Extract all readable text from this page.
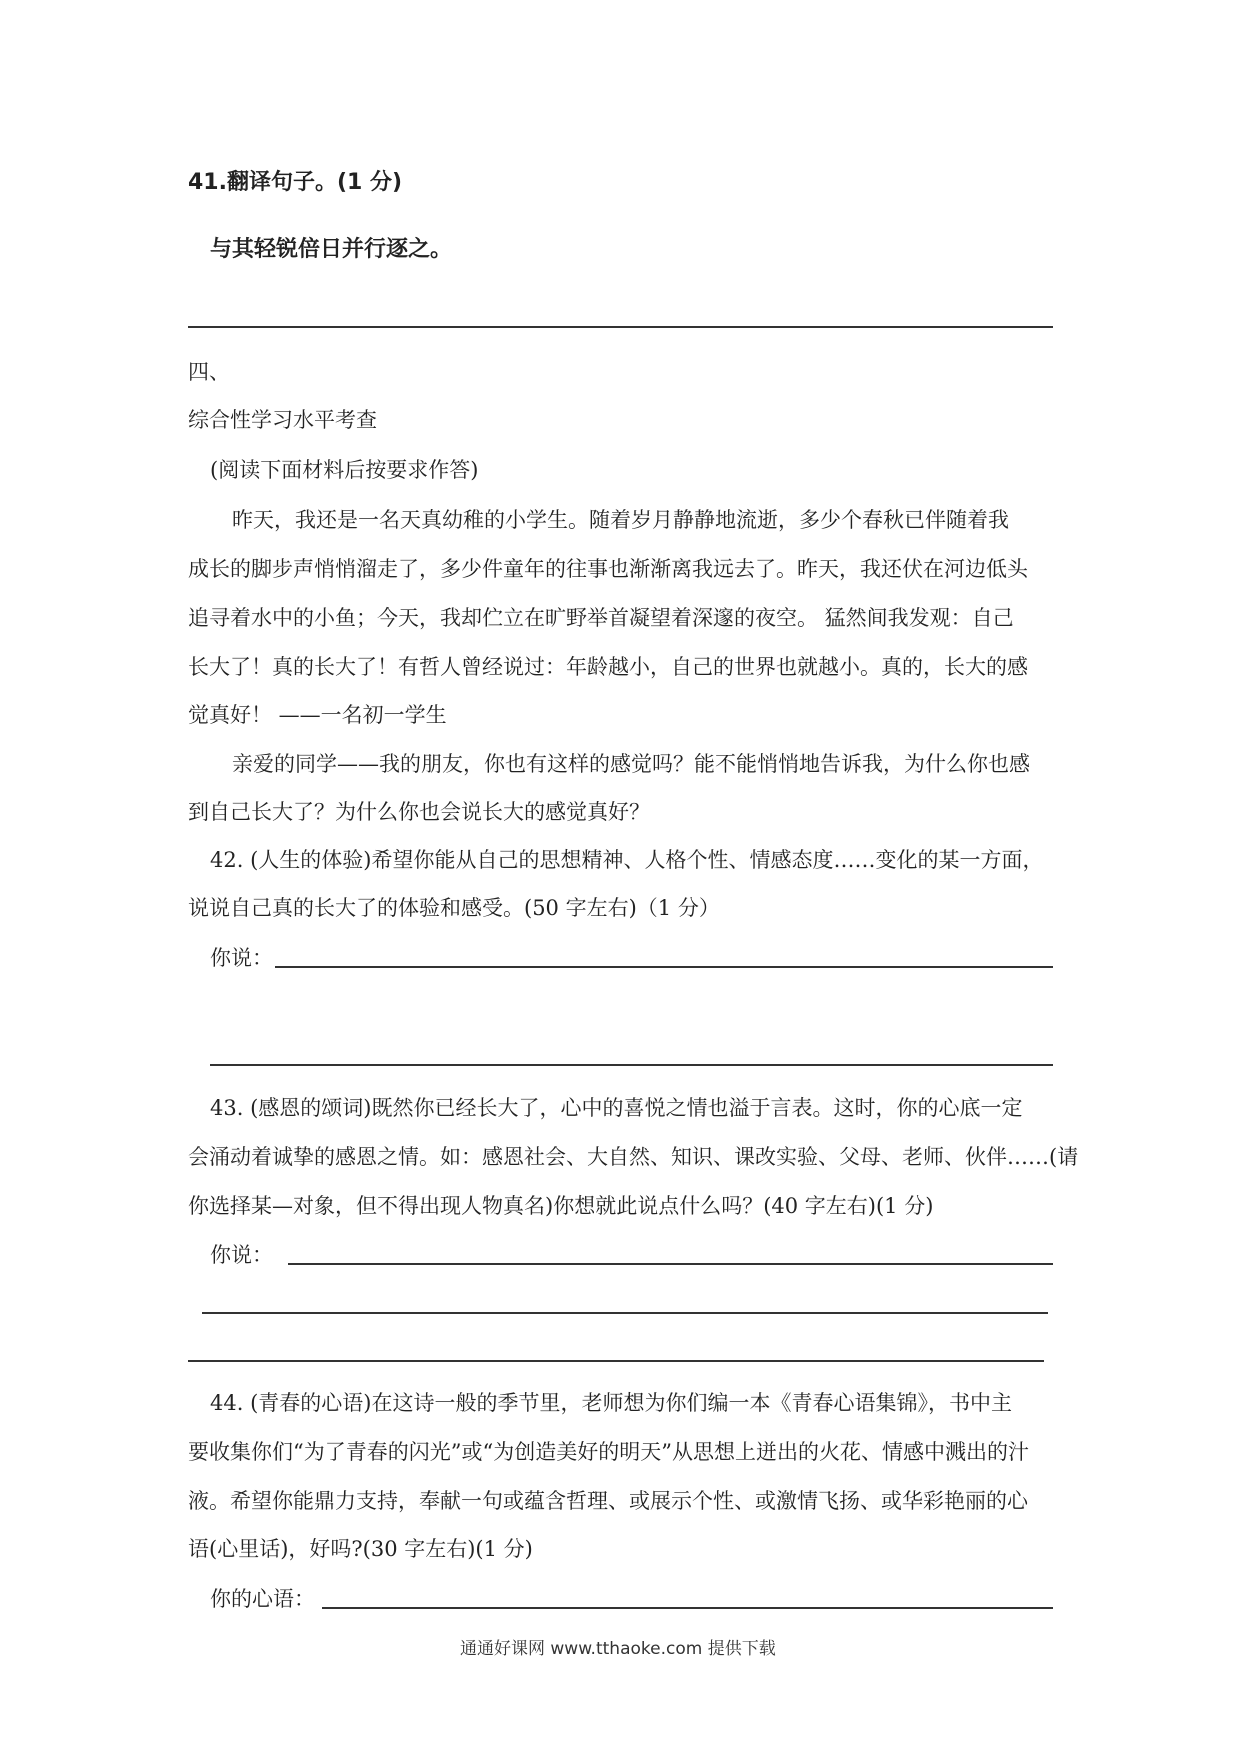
41.翻译句子。(1 分)
与其轻锐倍日并行逐之。
四、
综合性学习水平考查
(阅读下面材料后按要求作答)
昨天，我还是一名天真幼稚的小学生。随着岁月静静地流逝，多少个春秋已伴随着我
成长的脚步声悄悄溜走了，多少件童年的往事也渐渐离我远去了。昨天，我还伏在河边低头
追寻着水中的小鱼；今天，我却伫立在旷野举首凝望着深邃的夜空。 猛然间我发观：自己
长大了！真的长大了！有哲人曾经说过：年龄越小，自己的世界也就越小。真的，长大的感
觉真好！ ——一名初一学生
亲爱的同学——我的朋友，你也有这样的感觉吗？能不能悄悄地告诉我，为什么你也感
到自己长大了？为什么你也会说长大的感觉真好？
42. (人生的体验)希望你能从自己的思想精神、人格个性、情感态度……变化的某一方面，
说说自己真的长大了的体验和感受。(50 字左右)（1 分）
你说：
43. (感恩的颂词)既然你已经长大了，心中的喜悦之情也溢于言表。这时，你的心底一定
会涌动着诚挚的感恩之情。如：感恩社会、大自然、知识、课改实验、父母、老师、伙伴……(请
你选择某—对象，但不得出现人物真名)你想就此说点什么吗？(40 字左右)(1 分)
你说：
44. (青春的心语)在这诗一般的季节里，老师想为你们编一本《青春心语集锦》，书中主
要收集你们“为了青春的闪光”或“为创造美好的明天”从思想上迸出的火花、情感中溅出的汁
液。希望你能鼎力支持，奉献一句或蕴含哲理、或展示个性、或激情飞扬、或华彩艳丽的心
语(心里话)，好吗?(30 字左右)(1 分)
你的心语：
通通好课网 www.tthaoke.com 提供下载
